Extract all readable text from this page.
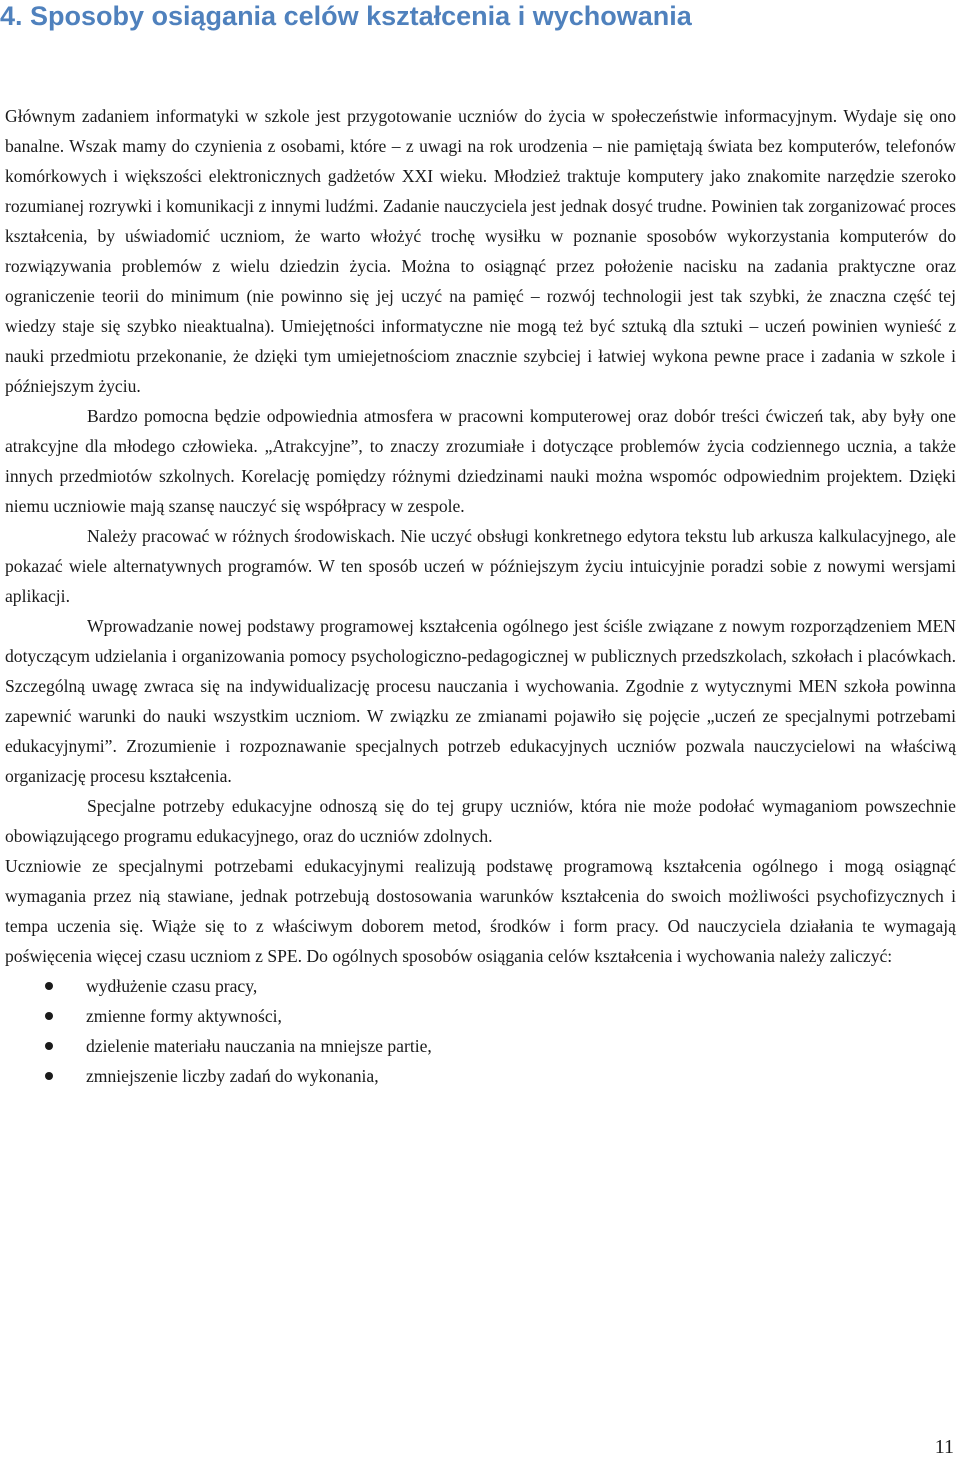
4. Sposoby osiągania celów kształcenia i wychowania

Głównym zadaniem informatyki w szkole jest przygotowanie uczniów do życia w społeczeństwie informacyjnym. Wydaje się ono banalne. Wszak mamy do czynienia z osobami, które – z uwagi na rok urodzenia – nie pamiętają świata bez komputerów, telefonów komórkowych i większości elektronicznych gadżetów XXI wieku. Młodzież traktuje komputery jako znakomite narzędzie szeroko rozumianej rozrywki i komunikacji z innymi ludźmi. Zadanie nauczyciela jest jednak dosyć trudne. Powinien tak zorganizować proces kształcenia, by uświadomić uczniom, że warto włożyć trochę wysiłku w poznanie sposobów wykorzystania komputerów do rozwiązywania problemów z wielu dziedzin życia. Można to osiągnąć przez położenie nacisku na zadania praktyczne oraz ograniczenie teorii do minimum (nie powinno się jej uczyć na pamięć – rozwój technologii jest tak szybki, że znaczna część tej wiedzy staje się szybko nieaktualna). Umiejętności informatyczne nie mogą też być sztuką dla sztuki – uczeń powinien wynieść z nauki przedmiotu przekonanie, że dzięki tym umiejetnościom znacznie szybciej i łatwiej wykona pewne prace i zadania w szkole i późniejszym życiu.

Bardzo pomocna będzie odpowiednia atmosfera w pracowni komputerowej oraz dobór treści ćwiczeń tak, aby były one atrakcyjne dla młodego człowieka. „Atrakcyjne”, to znaczy zrozumiałe i dotyczące problemów życia codziennego ucznia, a także innych przedmiotów szkolnych. Korelację pomiędzy różnymi dziedzinami nauki można wspomóc odpowiednim projektem. Dzięki niemu uczniowie mają szansę nauczyć się współpracy w zespole.

Należy pracować w różnych środowiskach. Nie uczyć obsługi konkretnego edytora tekstu lub arkusza kalkulacyjnego, ale pokazać wiele alternatywnych programów. W ten sposób uczeń w późniejszym życiu intuicyjnie poradzi sobie z nowymi wersjami aplikacji.

Wprowadzanie nowej podstawy programowej kształcenia ogólnego jest ściśle związane z nowym rozporządzeniem MEN dotyczącym udzielania i organizowania pomocy psychologiczno-pedagogicznej w publicznych przedszkolach, szkołach i placówkach. Szczególną uwagę zwraca się na indywidualizację procesu nauczania i wychowania. Zgodnie z wytycznymi MEN szkoła powinna zapewnić warunki do nauki wszystkim uczniom. W związku ze zmianami pojawiło się pojęcie „uczeń ze specjalnymi potrzebami edukacyjnymi”. Zrozumienie i rozpoznawanie specjalnych potrzeb edukacyjnych uczniów pozwala nauczycielowi na właściwą organizację procesu kształcenia.

Specjalne potrzeby edukacyjne odnoszą się do tej grupy uczniów, która nie może podołać wymaganiom powszechnie obowiązującego programu edukacyjnego, oraz do uczniów zdolnych.

Uczniowie ze specjalnymi potrzebami edukacyjnymi realizują podstawę programową kształcenia ogólnego i mogą osiągnąć wymagania przez nią stawiane, jednak potrzebują dostosowania warunków kształcenia do swoich możliwości psychofizycznych i tempa uczenia się. Wiąże się to z właściwym doborem metod, środków i form pracy. Od nauczyciela działania te wymagają poświęcenia więcej czasu uczniom z SPE. Do ogólnych sposobów osiągania celów kształcenia i wychowania należy zaliczyć:

wydłużenie czasu pracy,
zmienne formy aktywności,
dzielenie materiału nauczania na mniejsze partie,
zmniejszenie liczby zadań do wykonania,
11
